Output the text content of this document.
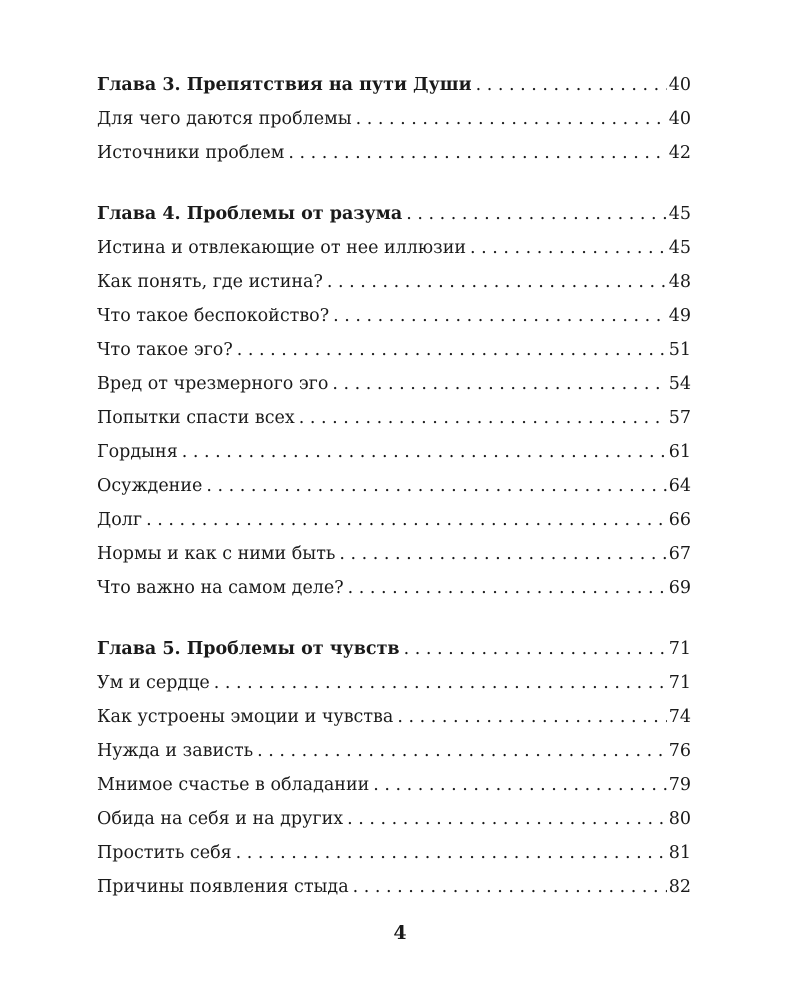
Глава 3. Препятствия на пути Души . . .	40
Для чего даются проблемы . . .	40
Источники проблем . . .	42
Глава 4. Проблемы от разума . . .	45
Истина и отвлекающие от нее иллюзии . . .	45
Как понять, где истина? . . .	48
Что такое беспокойство? . . .	49
Что такое эго? . . .	51
Вред от чрезмерного эго . . .	54
Попытки спасти всех . . .	57
Гордыня . . .	61
Осуждение . . .	64
Долг . . .	66
Нормы и как с ними быть . . .	67
Что важно на самом деле? . . .	69
Глава 5. Проблемы от чувств . . .	71
Ум и сердце . . .	71
Как устроены эмоции и чувства . . .	74
Нужда и зависть . . .	76
Мнимое счастье в обладании . . .	79
Обида на себя и на других . . .	80
Простить себя . . .	81
Причины появления стыда . . .	82
4
